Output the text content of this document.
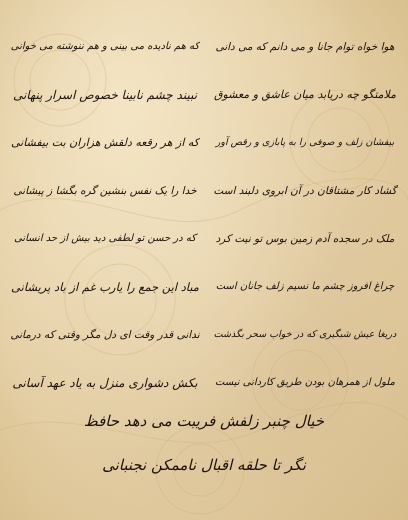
هوا خواه توام جانا و می دانم که می دانی
که هم نادیده می بینی و هم ننوشته می خوانی
ملامتگو چه دریابد میان عاشق و معشوق
نبیند چشم نابینا خصوص اسرار پنهانی
بیفشان زلف و صوفی را به پابازی و رقص آور
که از هر رقعه دلقش هزاران بت بیفشانی
گشاد کار مشتاقان در آن ابروی دلبند است
خدا را یک نفس بنشین گره بگشا ز پیشانی
ملک در سجده آدم زمین بوس تو نیت کرد
که در حسن تو لطفی دید بیش از حد انسانی
چراغ افروز چشم ما نسیم زلف جانان است
مباد این جمع را یارب غم از باد پریشانی
دریغا عیش شبگیری که در خواب سحر بگذشت
ندانی قدر وقت ای دل مگر وقتی که درمانی
ملول از همرهان بودن طریق کاردانی نیست
بکش دشواری منزل به یاد عهد آسانی
خیال چنبر زلفش فریبت می دهد حافظ
نگر تا حلقه اقبال ناممکن نجنبانی
